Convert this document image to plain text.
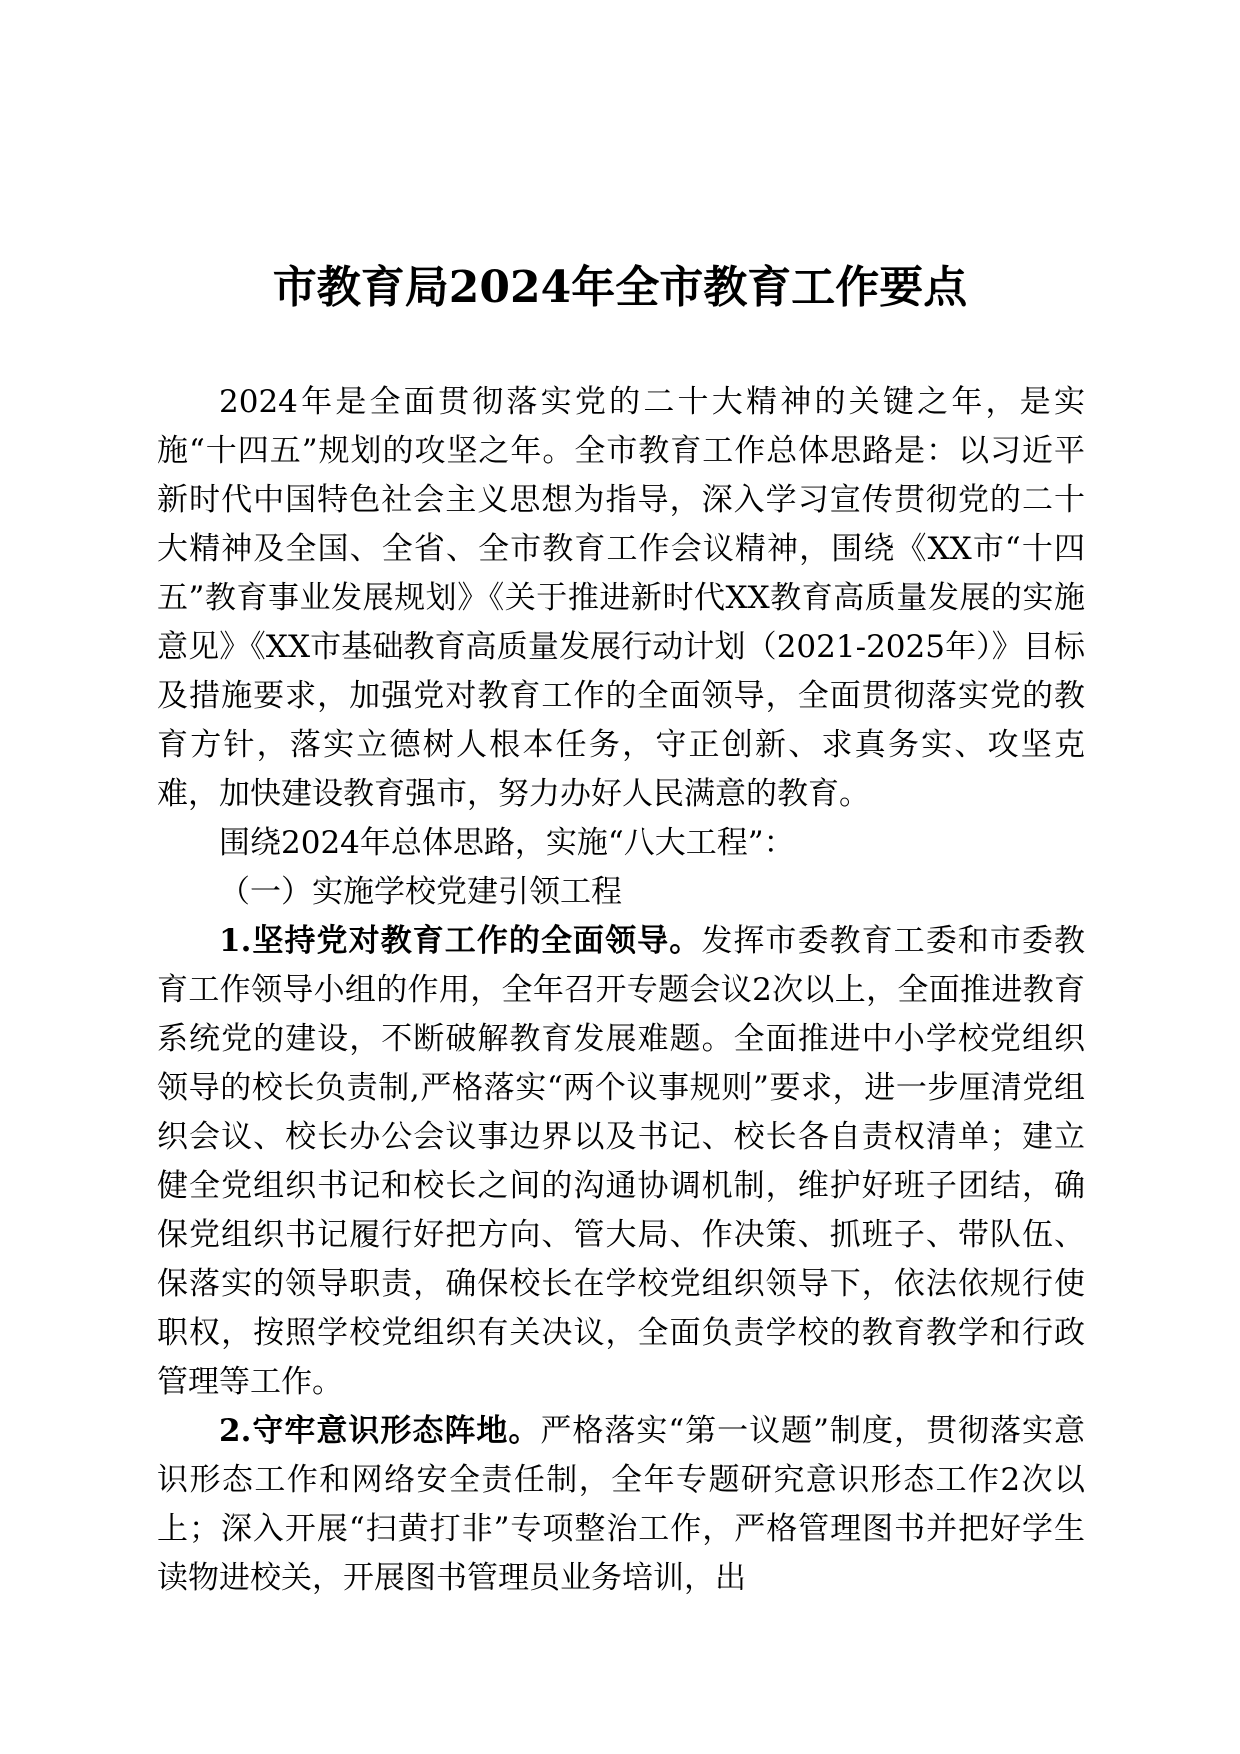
市教育局2024年全市教育工作要点

2024年是全面贯彻落实党的二十大精神的关键之年，是实施“十四五”规划的攻坚之年。全市教育工作总体思路是：以习近平新时代中国特色社会主义思想为指导，深入学习宣传贯彻党的二十大精神及全国、全省、全市教育工作会议精神，围绕《XX市“十四五”教育事业发展规划》《关于推进新时代XX教育高质量发展的实施意见》《XX市基础教育高质量发展行动计划（2021-2025年）》目标及措施要求，加强党对教育工作的全面领导，全面贯彻落实党的教育方针，落实立德树人根本任务，守正创新、求真务实、攻坚克难，加快建设教育强市，努力办好人民满意的教育。

围绕2024年总体思路，实施“八大工程”：

（一）实施学校党建引领工程

1.坚持党对教育工作的全面领导。发挥市委教育工委和市委教育工作领导小组的作用，全年召开专题会议2次以上，全面推进教育系统党的建设，不断破解教育发展难题。全面推进中小学校党组织领导的校长负责制,严格落实“两个议事规则”要求，进一步厘清党组织会议、校长办公会议事边界以及书记、校长各自责权清单；建立健全党组织书记和校长之间的沟通协调机制，维护好班子团结，确保党组织书记履行好把方向、管大局、作决策、抓班子、带队伍、保落实的领导职责，确保校长在学校党组织领导下，依法依规行使职权，按照学校党组织有关决议，全面负责学校的教育教学和行政管理等工作。

2.守牢意识形态阵地。严格落实“第一议题”制度，贯彻落实意识形态工作和网络安全责任制，全年专题研究意识形态工作2次以上；深入开展“扫黄打非”专项整治工作，严格管理图书并把好学生读物进校关，开展图书管理员业务培训，出
